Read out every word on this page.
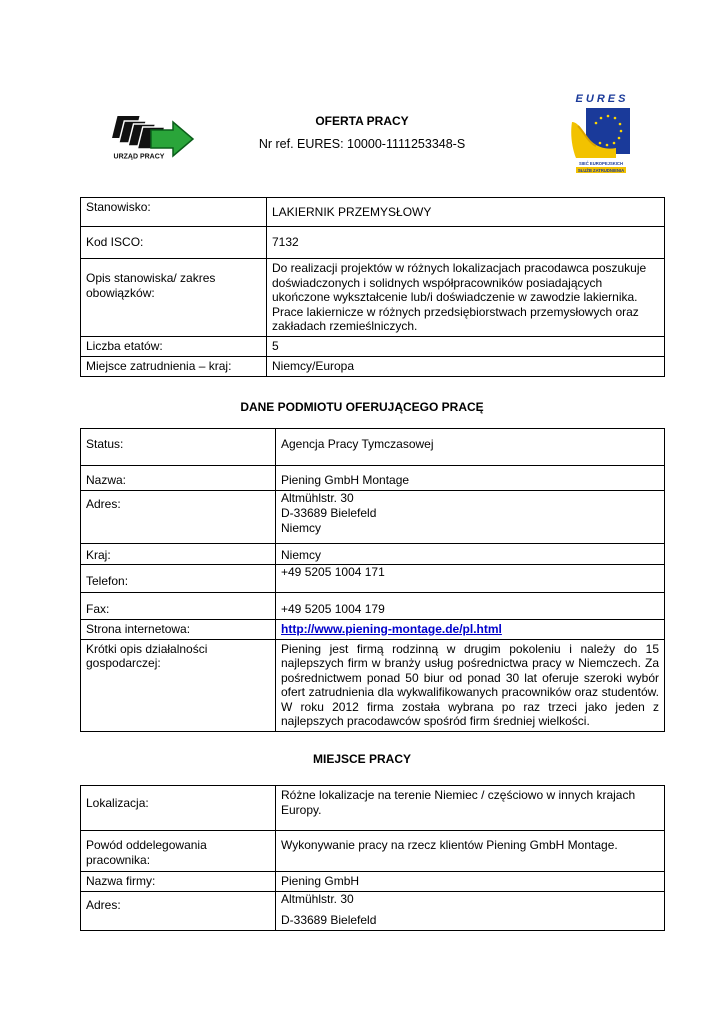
URZĄD PRACY
EURES
SIEĆ EUROPEJSKICH
SŁUŻB ZATRUDNIENIA
OFERTA PRACY
Nr ref. EURES: 10000-1111253348-S
Stanowisko:	LAKIERNIK PRZEMYSŁOWY
Kod ISCO:	7132
Opis stanowiska/ zakres obowiązków:	Do realizacji projektów w różnych lokalizacjach pracodawca poszukuje doświadczonych i solidnych współpracowników posiadających ukończone wykształcenie lub/i doświadczenie w zawodzie lakiernika. Prace lakiernicze w różnych przedsiębiorstwach przemysłowych oraz zakładach rzemieślniczych.
Liczba etatów:	5
Miejsce zatrudnienia – kraj:	Niemcy/Europa
DANE PODMIOTU OFERUJĄCEGO PRACĘ
Status:	Agencja Pracy Tymczasowej
Nazwa:	Piening GmbH Montage
Adres:	Altmühlstr. 30
D-33689 Bielefeld
Niemcy

Kraj:	Niemcy
Telefon:	+49 5205 1004 171
Fax:	+49 5205 1004 179
Strona internetowa:	http://www.piening-montage.de/pl.html
Krótki opis działalności gospodarczej:	Piening jest firmą rodzinną w drugim pokoleniu i należy do 15 najlepszych firm w branży usług pośrednictwa pracy w Niemczech. Za pośrednictwem ponad 50 biur od ponad 30 lat oferuje szeroki wybór ofert zatrudnienia dla wykwalifikowanych pracowników oraz studentów. W roku 2012 firma została wybrana po raz trzeci jako jeden z najlepszych pracodawców spośród firm średniej wielkości.
MIEJSCE PRACY
Lokalizacja:	Różne lokalizacje na terenie Niemiec / częściowo w innych krajach Europy.
Powód oddelegowania pracownika:	Wykonywanie pracy na rzecz klientów Piening GmbH Montage.
Nazwa firmy:	Piening GmbH
Adres:	Altmühlstr. 30
D-33689 Bielefeld
